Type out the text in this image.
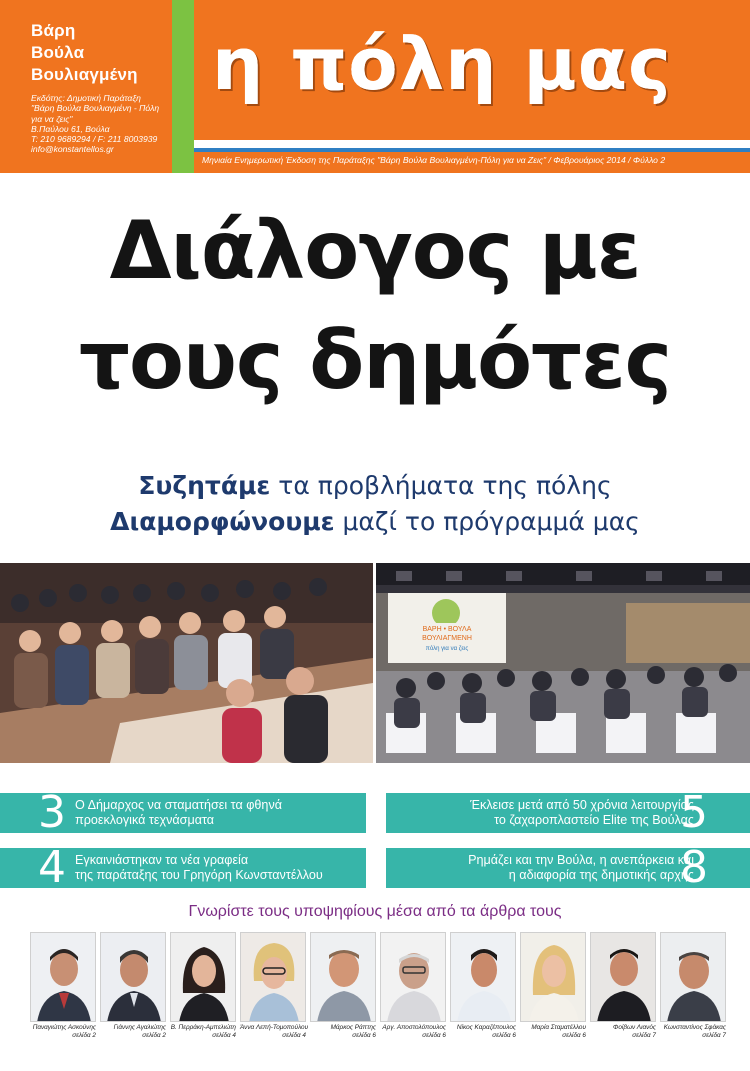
Βάρη
Βούλα
Βουλιαγμένη
Εκδότης: Δημοτική Παράταξη
"Βάρη Βούλα Βουλιαγμένη - Πόλη
για να ζεις"
Β.Παύλου 61, Βούλα
T: 210 9689294 / F: 211 8003939
info@konstantellos.gr
η πόλη μας
Μηνιαία Ενημερωτική Έκδοση της Παράταξης "Βάρη Βούλα Βουλιαγμένη-Πόλη για να Ζεις" / Φεβρουάριος 2014 / Φύλλο 2
Διάλογος με
τους δημότες
Συζητάμε τα προβλήματα της πόλης
Διαμορφώνουμε μαζί το πρόγραμμά μας
ΒΑΡΗ • ΒΟΥΛΑ
ΒΟΥΛΙΑΓΜΕΝΗ
πόλη για να ζεις
Ο Δήμαρχος να σταματήσει τα φθηνά
προεκλογικά τεχνάσματα
3	Έκλεισε μετά από 50 χρόνια λειτουργίας
το ζαχαροπλαστείο Elite της Βούλας
5
Εγκαινιάστηκαν τα νέα γραφεία
της παράταξης του Γρηγόρη Κωνσταντέλλου
4	Ρημάζει και την Βούλα, η ανεπάρκεια και
η αδιαφορία της δημοτικής αρχής
8
Γνωρίστε τους υποψηφίους μέσα από τα άρθρα τους
Παναγιώτης Ασκούνης
σελίδα 2
Γιάννης Αγαλιώτης
σελίδα 2
Β. Περράκη-Αμπελιώτη
σελίδα 4
Άννα Λεπή-Τομοπούλου
σελίδα 4
Μάρκος Ράπτης
σελίδα 6
Αργ. Αποστολόπουλος
σελίδα 6
Νίκος Καραζέπουλος
σελίδα 6
Μαρία Σταματέλλου
σελίδα 6
Φοίβων Λιανός
σελίδα 7
Κωνσταντίνος Σφάκας
σελίδα 7
